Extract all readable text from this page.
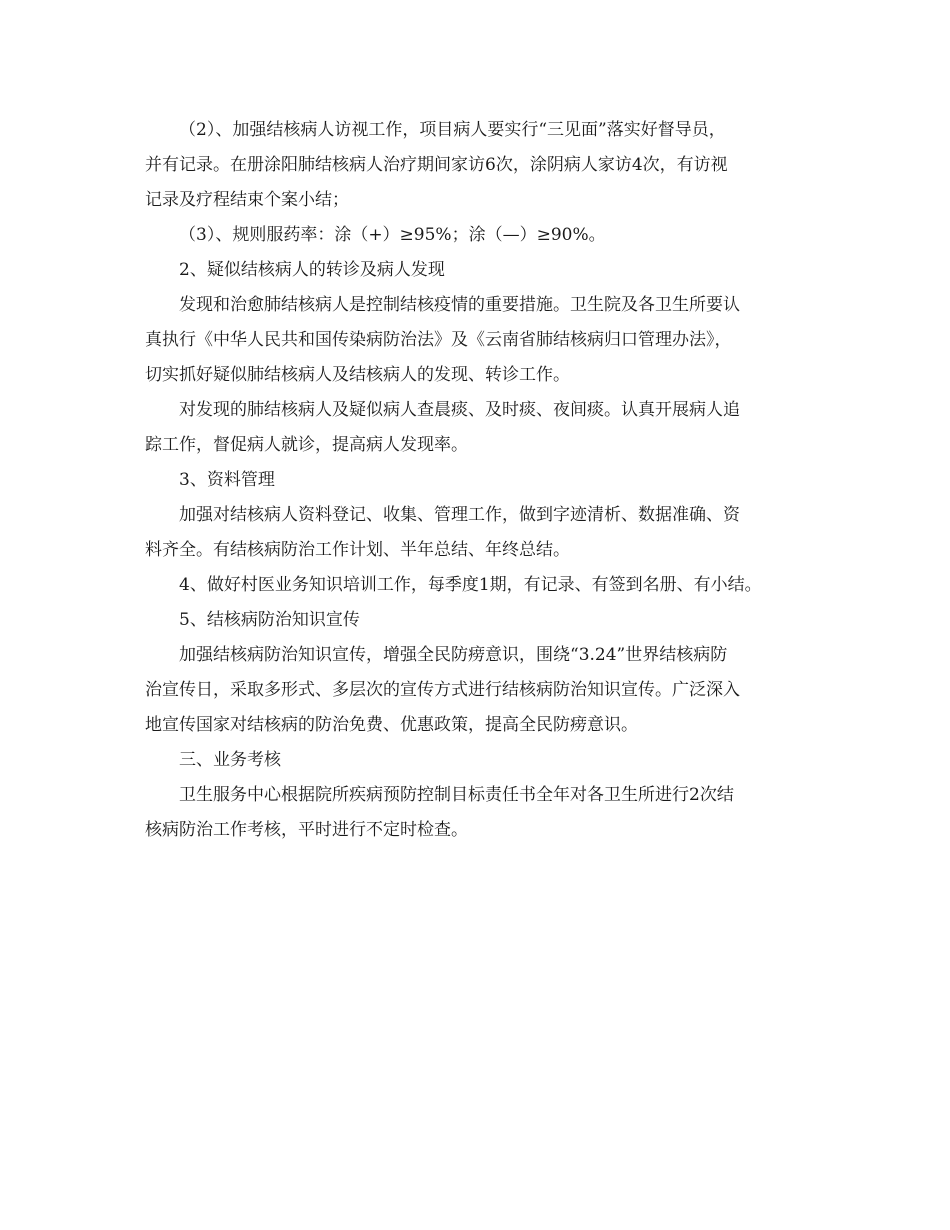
（2）、加强结核病人访视工作，项目病人要实行“三见面”落实好督导员，
并有记录。在册涂阳肺结核病人治疗期间家访6次，涂阴病人家访4次，有访视
记录及疗程结束个案小结；
（3）、规则服药率：涂（+）≥95%；涂（—）≥90%。
2、疑似结核病人的转诊及病人发现
发现和治愈肺结核病人是控制结核疫情的重要措施。卫生院及各卫生所要认
真执行《中华人民共和国传染病防治法》及《云南省肺结核病归口管理办法》，
切实抓好疑似肺结核病人及结核病人的发现、转诊工作。
对发现的肺结核病人及疑似病人查晨痰、及时痰、夜间痰。认真开展病人追
踪工作，督促病人就诊，提高病人发现率。
3、资料管理
加强对结核病人资料登记、收集、管理工作，做到字迹清析、数据准确、资
料齐全。有结核病防治工作计划、半年总结、年终总结。
4、做好村医业务知识培训工作，每季度1期，有记录、有签到名册、有小结。
5、结核病防治知识宣传
加强结核病防治知识宣传，增强全民防痨意识，围绕“3.24”世界结核病防
治宣传日，采取多形式、多层次的宣传方式进行结核病防治知识宣传。广泛深入
地宣传国家对结核病的防治免费、优惠政策，提高全民防痨意识。
三、业务考核
卫生服务中心根据院所疾病预防控制目标责任书全年对各卫生所进行2次结
核病防治工作考核，平时进行不定时检查。
